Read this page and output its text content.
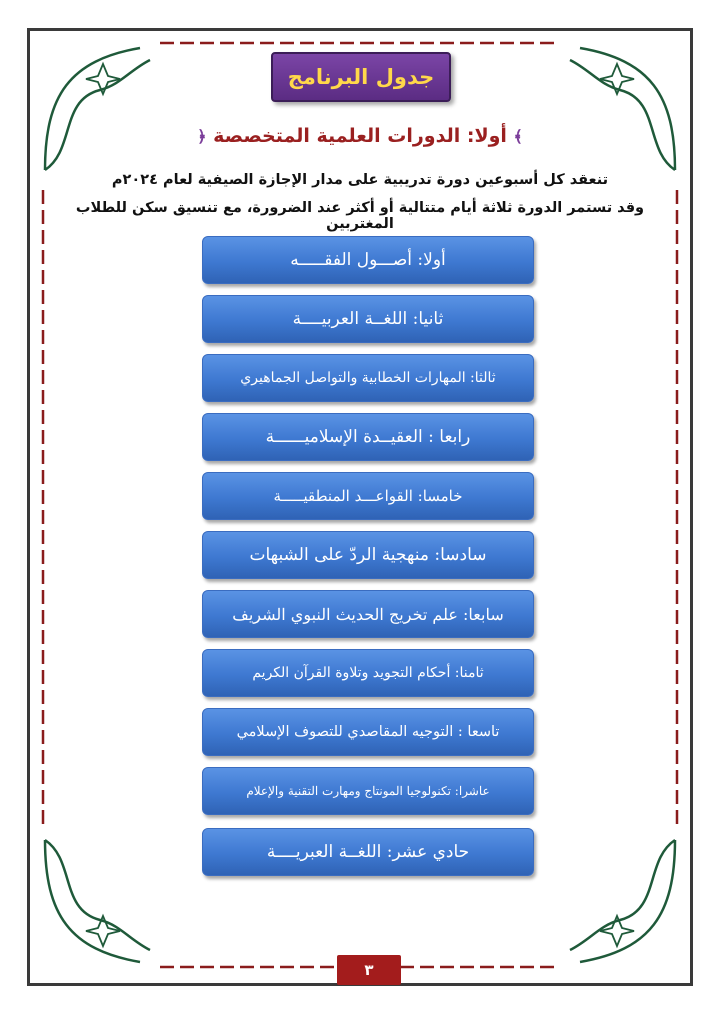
جدول البرنامج
﴿ أولا: الدورات العلمية المتخصصة ﴾
تنعقد كل أسبوعين دورة تدريبية على مدار الإجازة الصيفية لعام ٢٠٢٤م
وقد تستمر الدورة ثلاثة أيام متتالية أو أكثر عند الضرورة، مع تنسيق سكن للطلاب المغتربين
أولا: أصـــول الفقـــــه
ثانيا: اللغــة العربيــــة
ثالثا: المهارات الخطابية والتواصل الجماهيري
رابعا : العقيــدة الإسلاميــــــة
خامسا: القواعـــد المنطقيـــــة
سادسا: منهجية الردّ على الشبهات
سابعا: علم تخريج الحديث النبوي الشريف
ثامنا: أحكام التجويد وتلاوة القرآن الكريم
تاسعا : التوجيه المقاصدي للتصوف الإسلامي
عاشرا: تكنولوجيا المونتاج ومهارت التقنية والإعلام
حادي عشر: اللغــة العبريــــة
٣
